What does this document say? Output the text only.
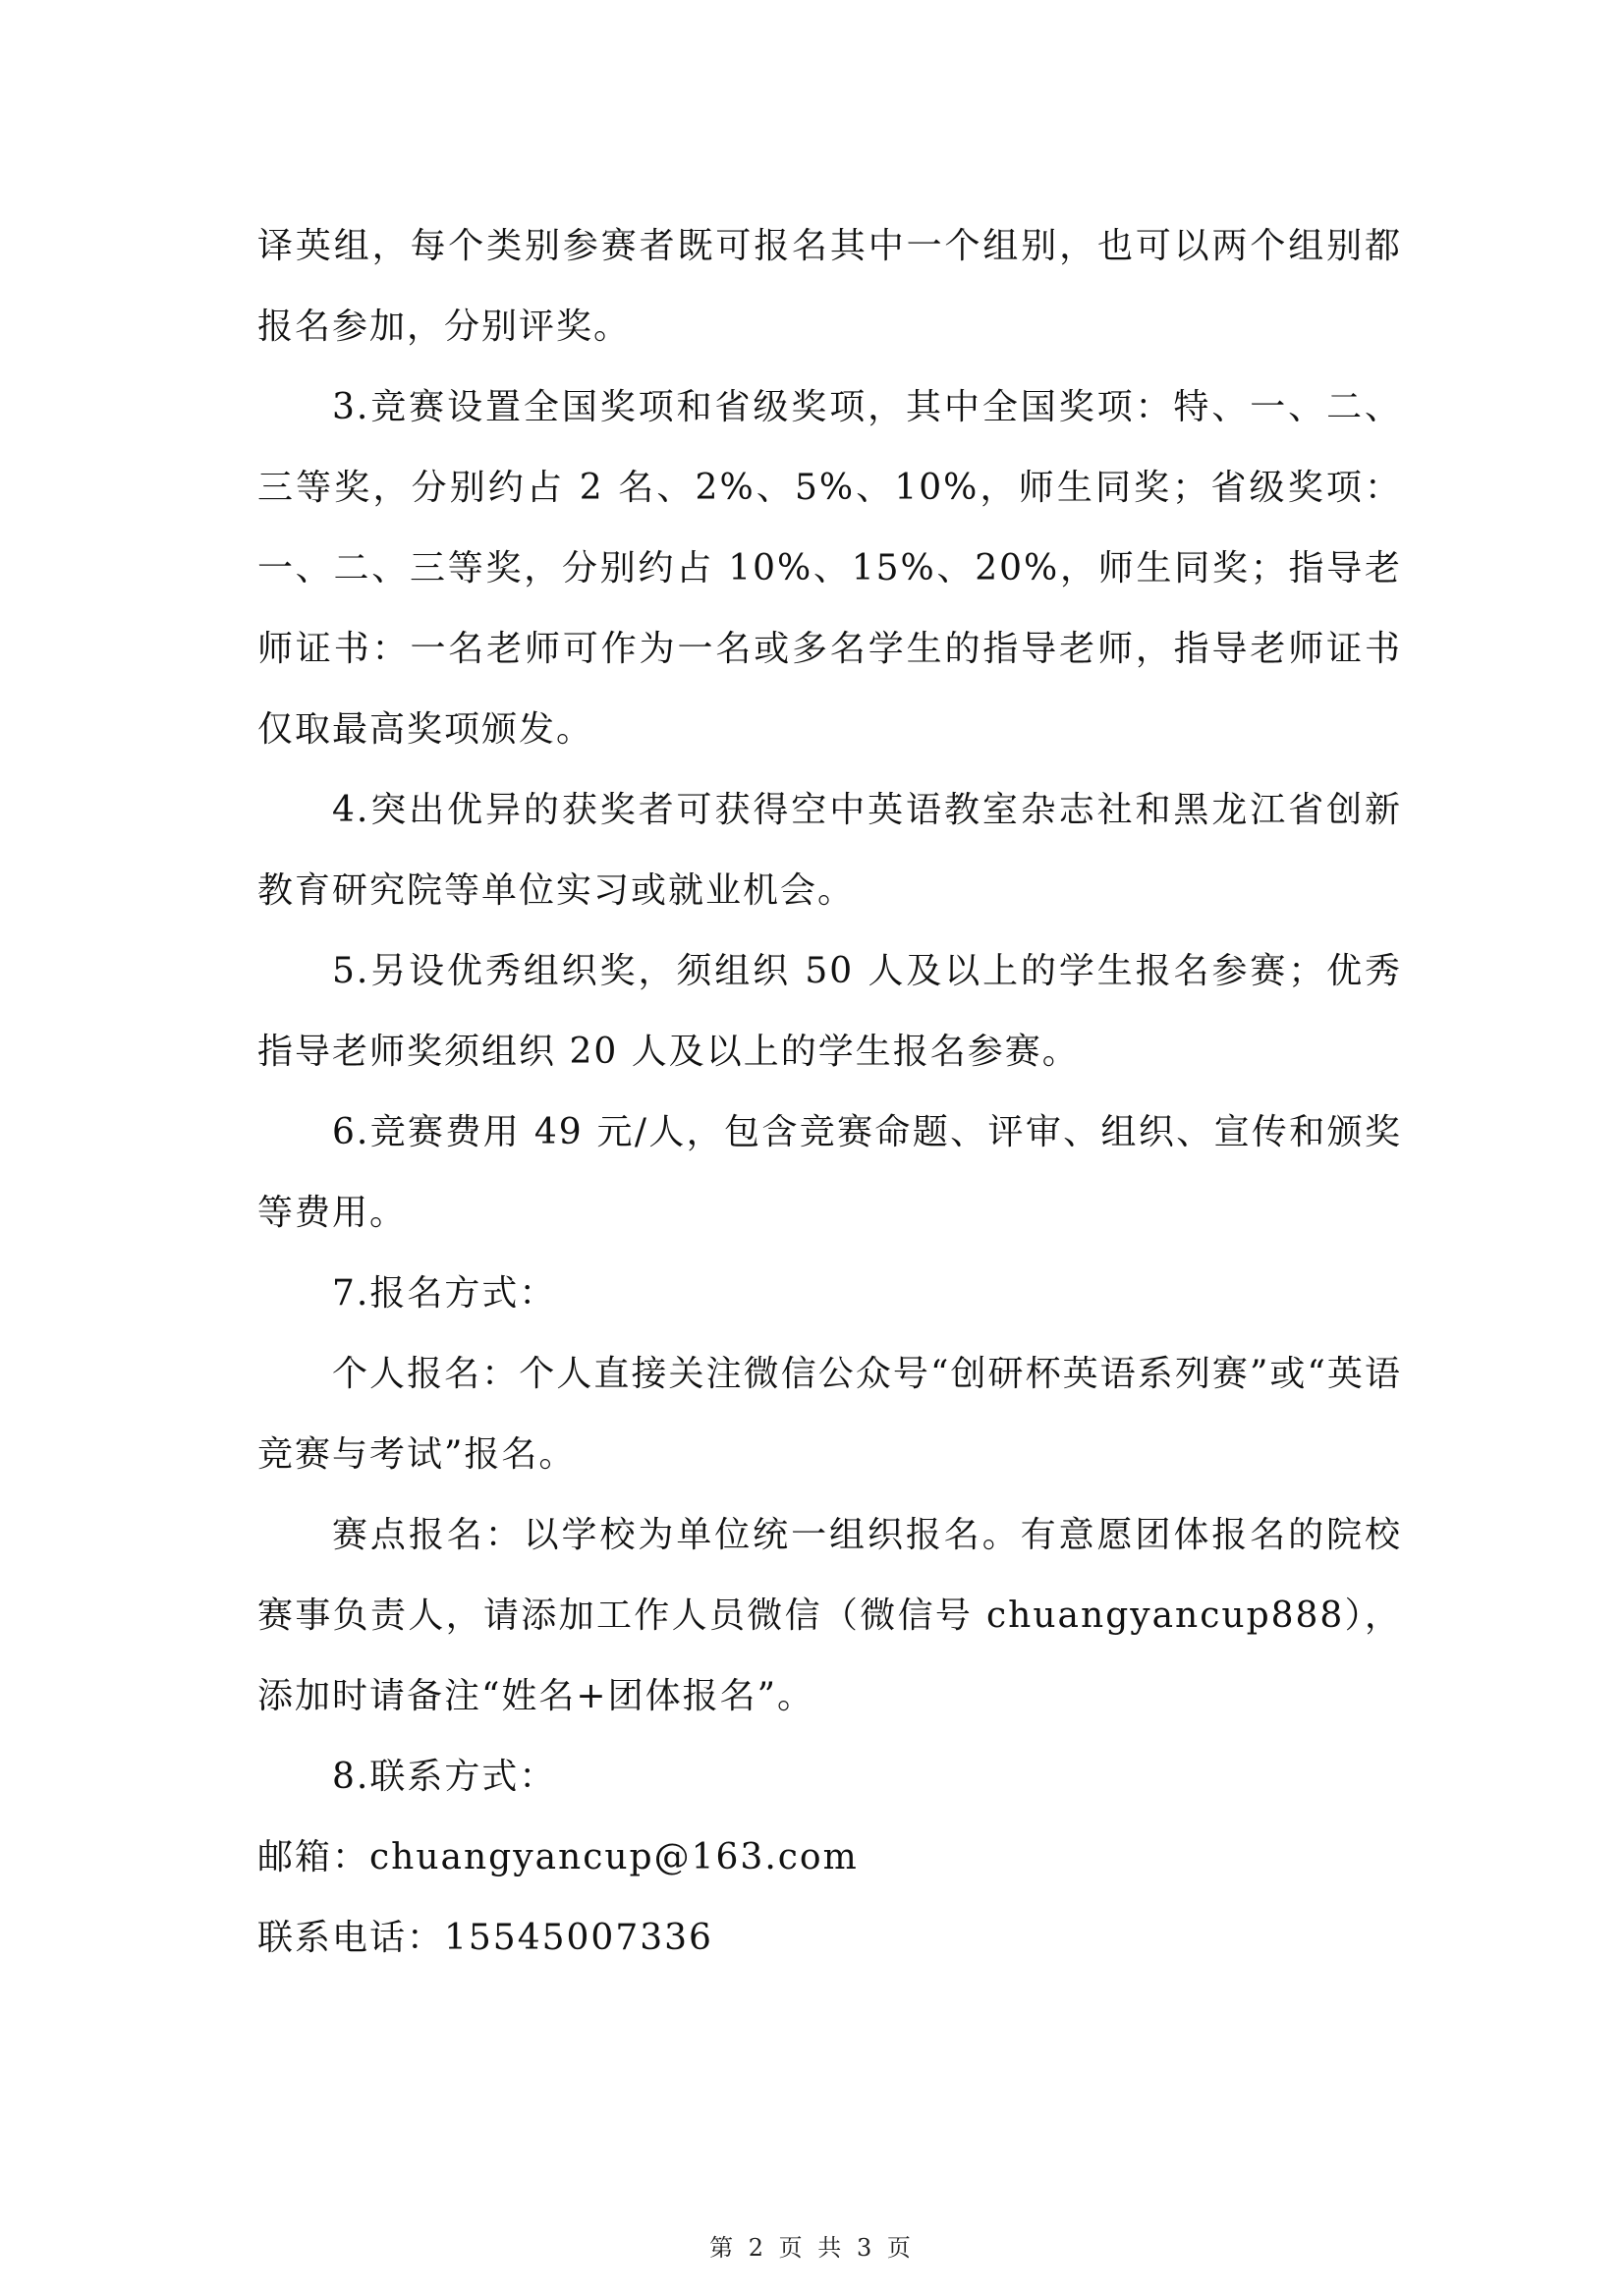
译英组，每个类别参赛者既可报名其中一个组别，也可以两个组别都报名参加，分别评奖。

3.竞赛设置全国奖项和省级奖项，其中全国奖项：特、一、二、三等奖，分别约占 2 名、2%、5%、10%，师生同奖；省级奖项：一、二、三等奖，分别约占 10%、15%、20%，师生同奖；指导老师证书：一名老师可作为一名或多名学生的指导老师，指导老师证书仅取最高奖项颁发。

4.突出优异的获奖者可获得空中英语教室杂志社和黑龙江省创新教育研究院等单位实习或就业机会。

5.另设优秀组织奖，须组织 50 人及以上的学生报名参赛；优秀指导老师奖须组织 20 人及以上的学生报名参赛。

6.竞赛费用 49 元/人，包含竞赛命题、评审、组织、宣传和颁奖等费用。

7.报名方式：

个人报名：个人直接关注微信公众号“创研杯英语系列赛”或“英语竞赛与考试”报名。

赛点报名：以学校为单位统一组织报名。有意愿团体报名的院校赛事负责人，请添加工作人员微信（微信号 chuangyancup888），添加时请备注“姓名+团体报名”。

8.联系方式：

邮箱：chuangyancup@163.com

联系电话：15545007336

第 2 页 共 3 页
